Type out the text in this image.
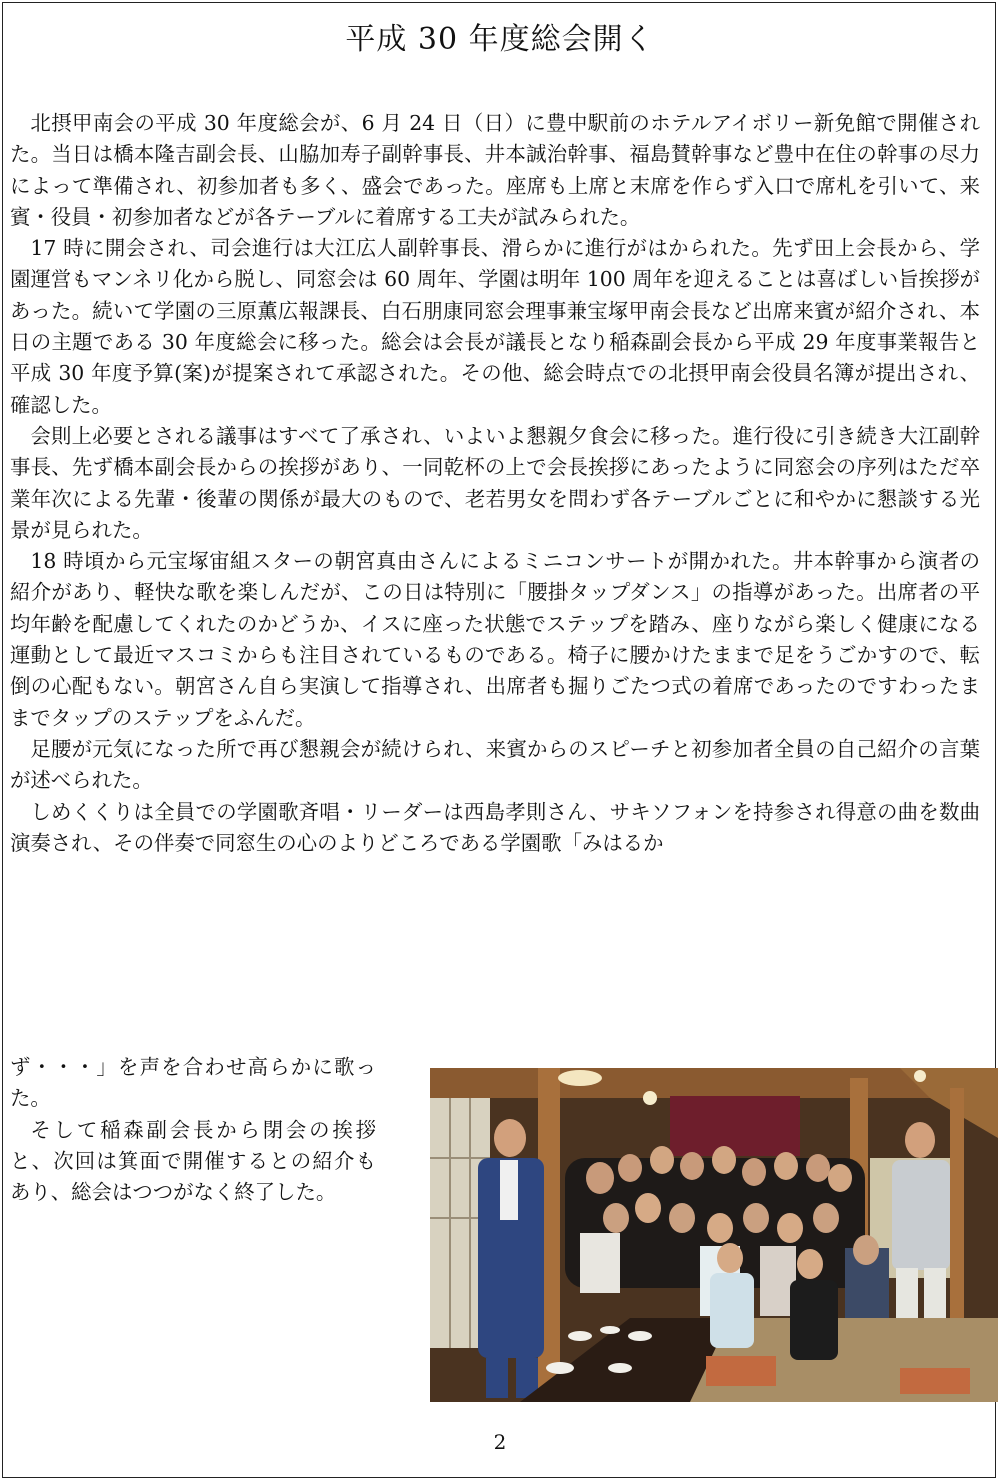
平成 30 年度総会開く

北摂甲南会の平成 30 年度総会が、6 月 24 日（日）に豊中駅前のホテルアイボリー新免館で開催された。当日は橋本隆吉副会長、山脇加寿子副幹事長、井本誠治幹事、福島賛幹事など豊中在住の幹事の尽力によって準備され、初参加者も多く、盛会であった。座席も上席と末席を作らず入口で席札を引いて、来賓・役員・初参加者などが各テーブルに着席する工夫が試みられた。

17 時に開会され、司会進行は大江広人副幹事長、滑らかに進行がはかられた。先ず田上会長から、学園運営もマンネリ化から脱し、同窓会は 60 周年、学園は明年 100 周年を迎えることは喜ばしい旨挨拶があった。続いて学園の三原薫広報課長、白石朋康同窓会理事兼宝塚甲南会長など出席来賓が紹介され、本日の主題である 30 年度総会に移った。総会は会長が議長となり稲森副会長から平成 29 年度事業報告と平成 30 年度予算(案)が提案されて承認された。その他、総会時点での北摂甲南会役員名簿が提出され、確認した。

会則上必要とされる議事はすべて了承され、いよいよ懇親夕食会に移った。進行役に引き続き大江副幹事長、先ず橋本副会長からの挨拶があり、一同乾杯の上で会長挨拶にあったように同窓会の序列はただ卒業年次による先輩・後輩の関係が最大のもので、老若男女を問わず各テーブルごとに和やかに懇談する光景が見られた。

18 時頃から元宝塚宙組スターの朝宮真由さんによるミニコンサートが開かれた。井本幹事から演者の紹介があり、軽快な歌を楽しんだが、この日は特別に「腰掛タップダンス」の指導があった。出席者の平均年齢を配慮してくれたのかどうか、イスに座った状態でステップを踏み、座りながら楽しく健康になる運動として最近マスコミからも注目されているものである。椅子に腰かけたままで足をうごかすので、転倒の心配もない。朝宮さん自ら実演して指導され、出席者も掘りごたつ式の着席であったのですわったままでタップのステップをふんだ。

足腰が元気になった所で再び懇親会が続けられ、来賓からのスピーチと初参加者全員の自己紹介の言葉が述べられた。

しめくくりは全員での学園歌斉唱・リーダーは西島孝則さん、サキソフォンを持参され得意の曲を数曲演奏され、その伴奏で同窓生の心のよりどころである学園歌「みはるか

ず・・・」を声を合わせ高らかに歌った。

そして稲森副会長から閉会の挨拶と、次回は箕面で開催するとの紹介もあり、総会はつつがなく終了した。

2
